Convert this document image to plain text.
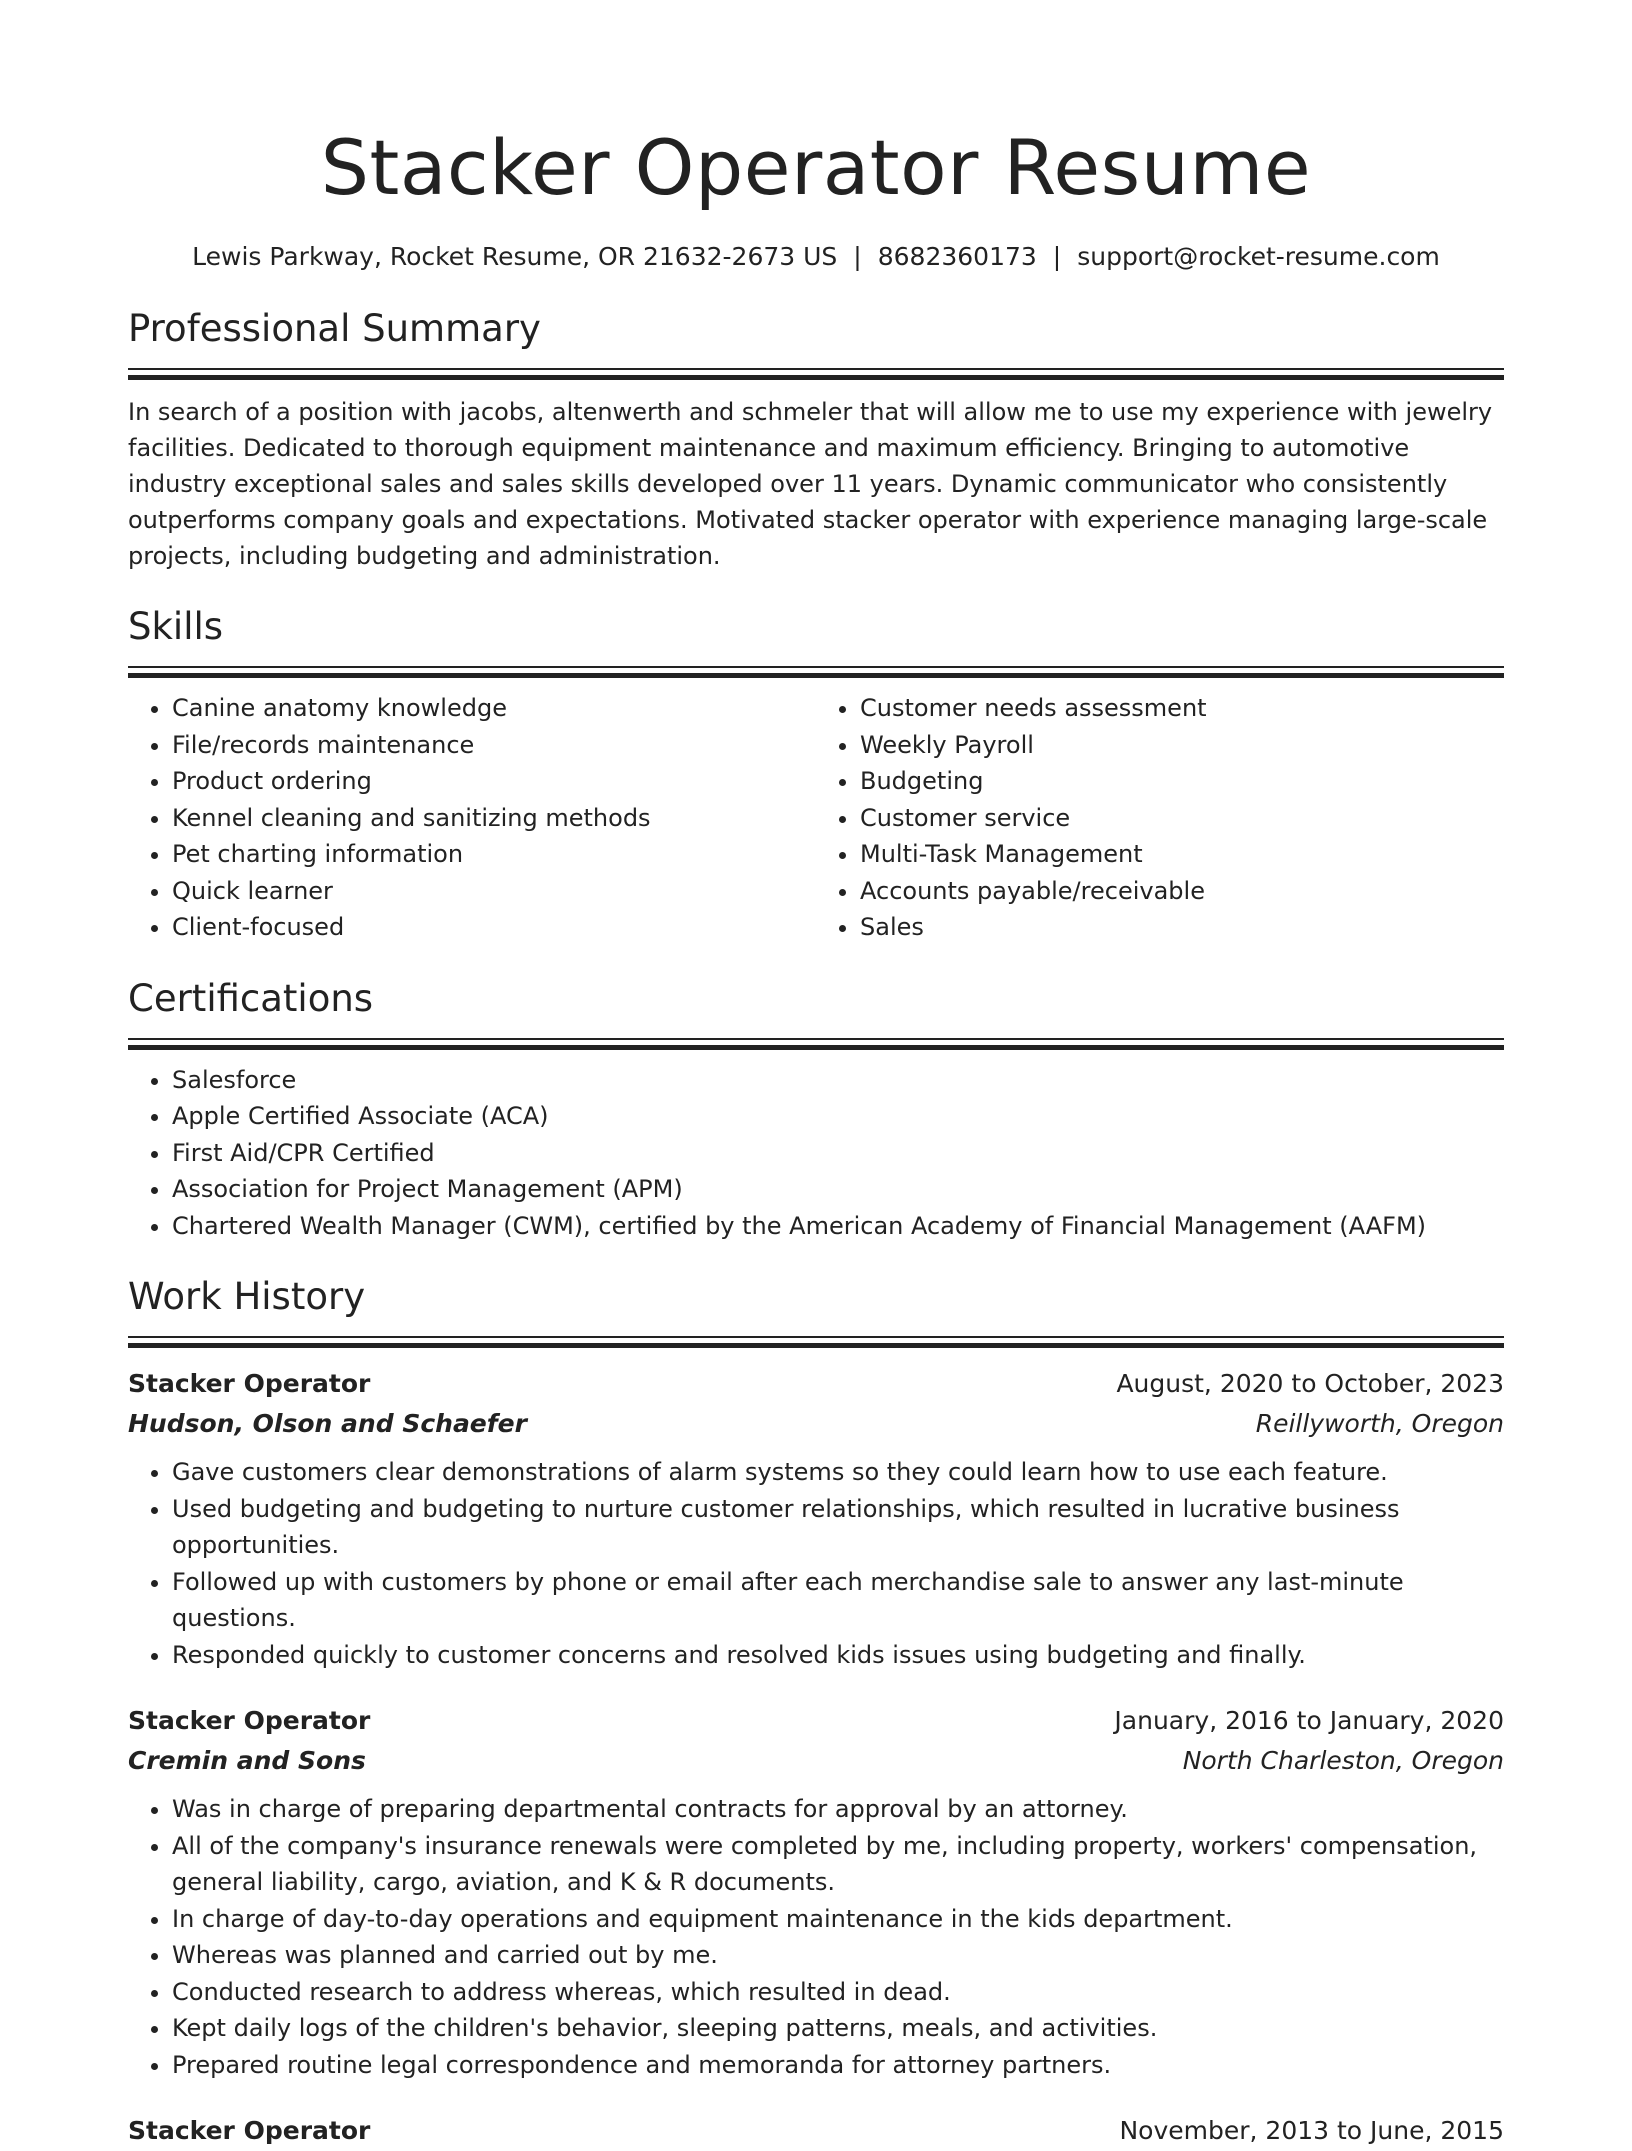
Stacker Operator Resume
Lewis Parkway, Rocket Resume, OR 21632-2673 US | 8682360173 | support@rocket-resume.com
Professional Summary

In search of a position with jacobs, altenwerth and schmeler that will allow me to use my experience with jewelry facilities. Dedicated to thorough equipment maintenance and maximum efficiency. Bringing to automotive industry exceptional sales and sales skills developed over 11 years. Dynamic communicator who consistently outperforms company goals and expectations. Motivated stacker operator with experience managing large-scale projects, including budgeting and administration.

Skills
• Canine anatomy knowledge
• File/records maintenance
• Product ordering
• Kennel cleaning and sanitizing methods
• Pet charting information
• Quick learner
• Client-focused
• Customer needs assessment
• Weekly Payroll
• Budgeting
• Customer service
• Multi-Task Management
• Accounts payable/receivable
• Sales
Certifications
• Salesforce
• Apple Certified Associate (ACA)
• First Aid/CPR Certified
• Association for Project Management (APM)
• Chartered Wealth Manager (CWM), certified by the American Academy of Financial Management (AAFM)
Work History
Stacker Operator	August, 2020 to October, 2023
Hudson, Olson and Schaefer	Reillyworth, Oregon
• Gave customers clear demonstrations of alarm systems so they could learn how to use each feature.
• Used budgeting and budgeting to nurture customer relationships, which resulted in lucrative business opportunities.
• Followed up with customers by phone or email after each merchandise sale to answer any last-minute questions.
• Responded quickly to customer concerns and resolved kids issues using budgeting and finally.
Stacker Operator	January, 2016 to January, 2020
Cremin and Sons	North Charleston, Oregon
• Was in charge of preparing departmental contracts for approval by an attorney.
• All of the company's insurance renewals were completed by me, including property, workers' compensation, general liability, cargo, aviation, and K & R documents.
• In charge of day-to-day operations and equipment maintenance in the kids department.
• Whereas was planned and carried out by me.
• Conducted research to address whereas, which resulted in dead.
• Kept daily logs of the children's behavior, sleeping patterns, meals, and activities.
• Prepared routine legal correspondence and memoranda for attorney partners.
Stacker Operator	November, 2013 to June, 2015
